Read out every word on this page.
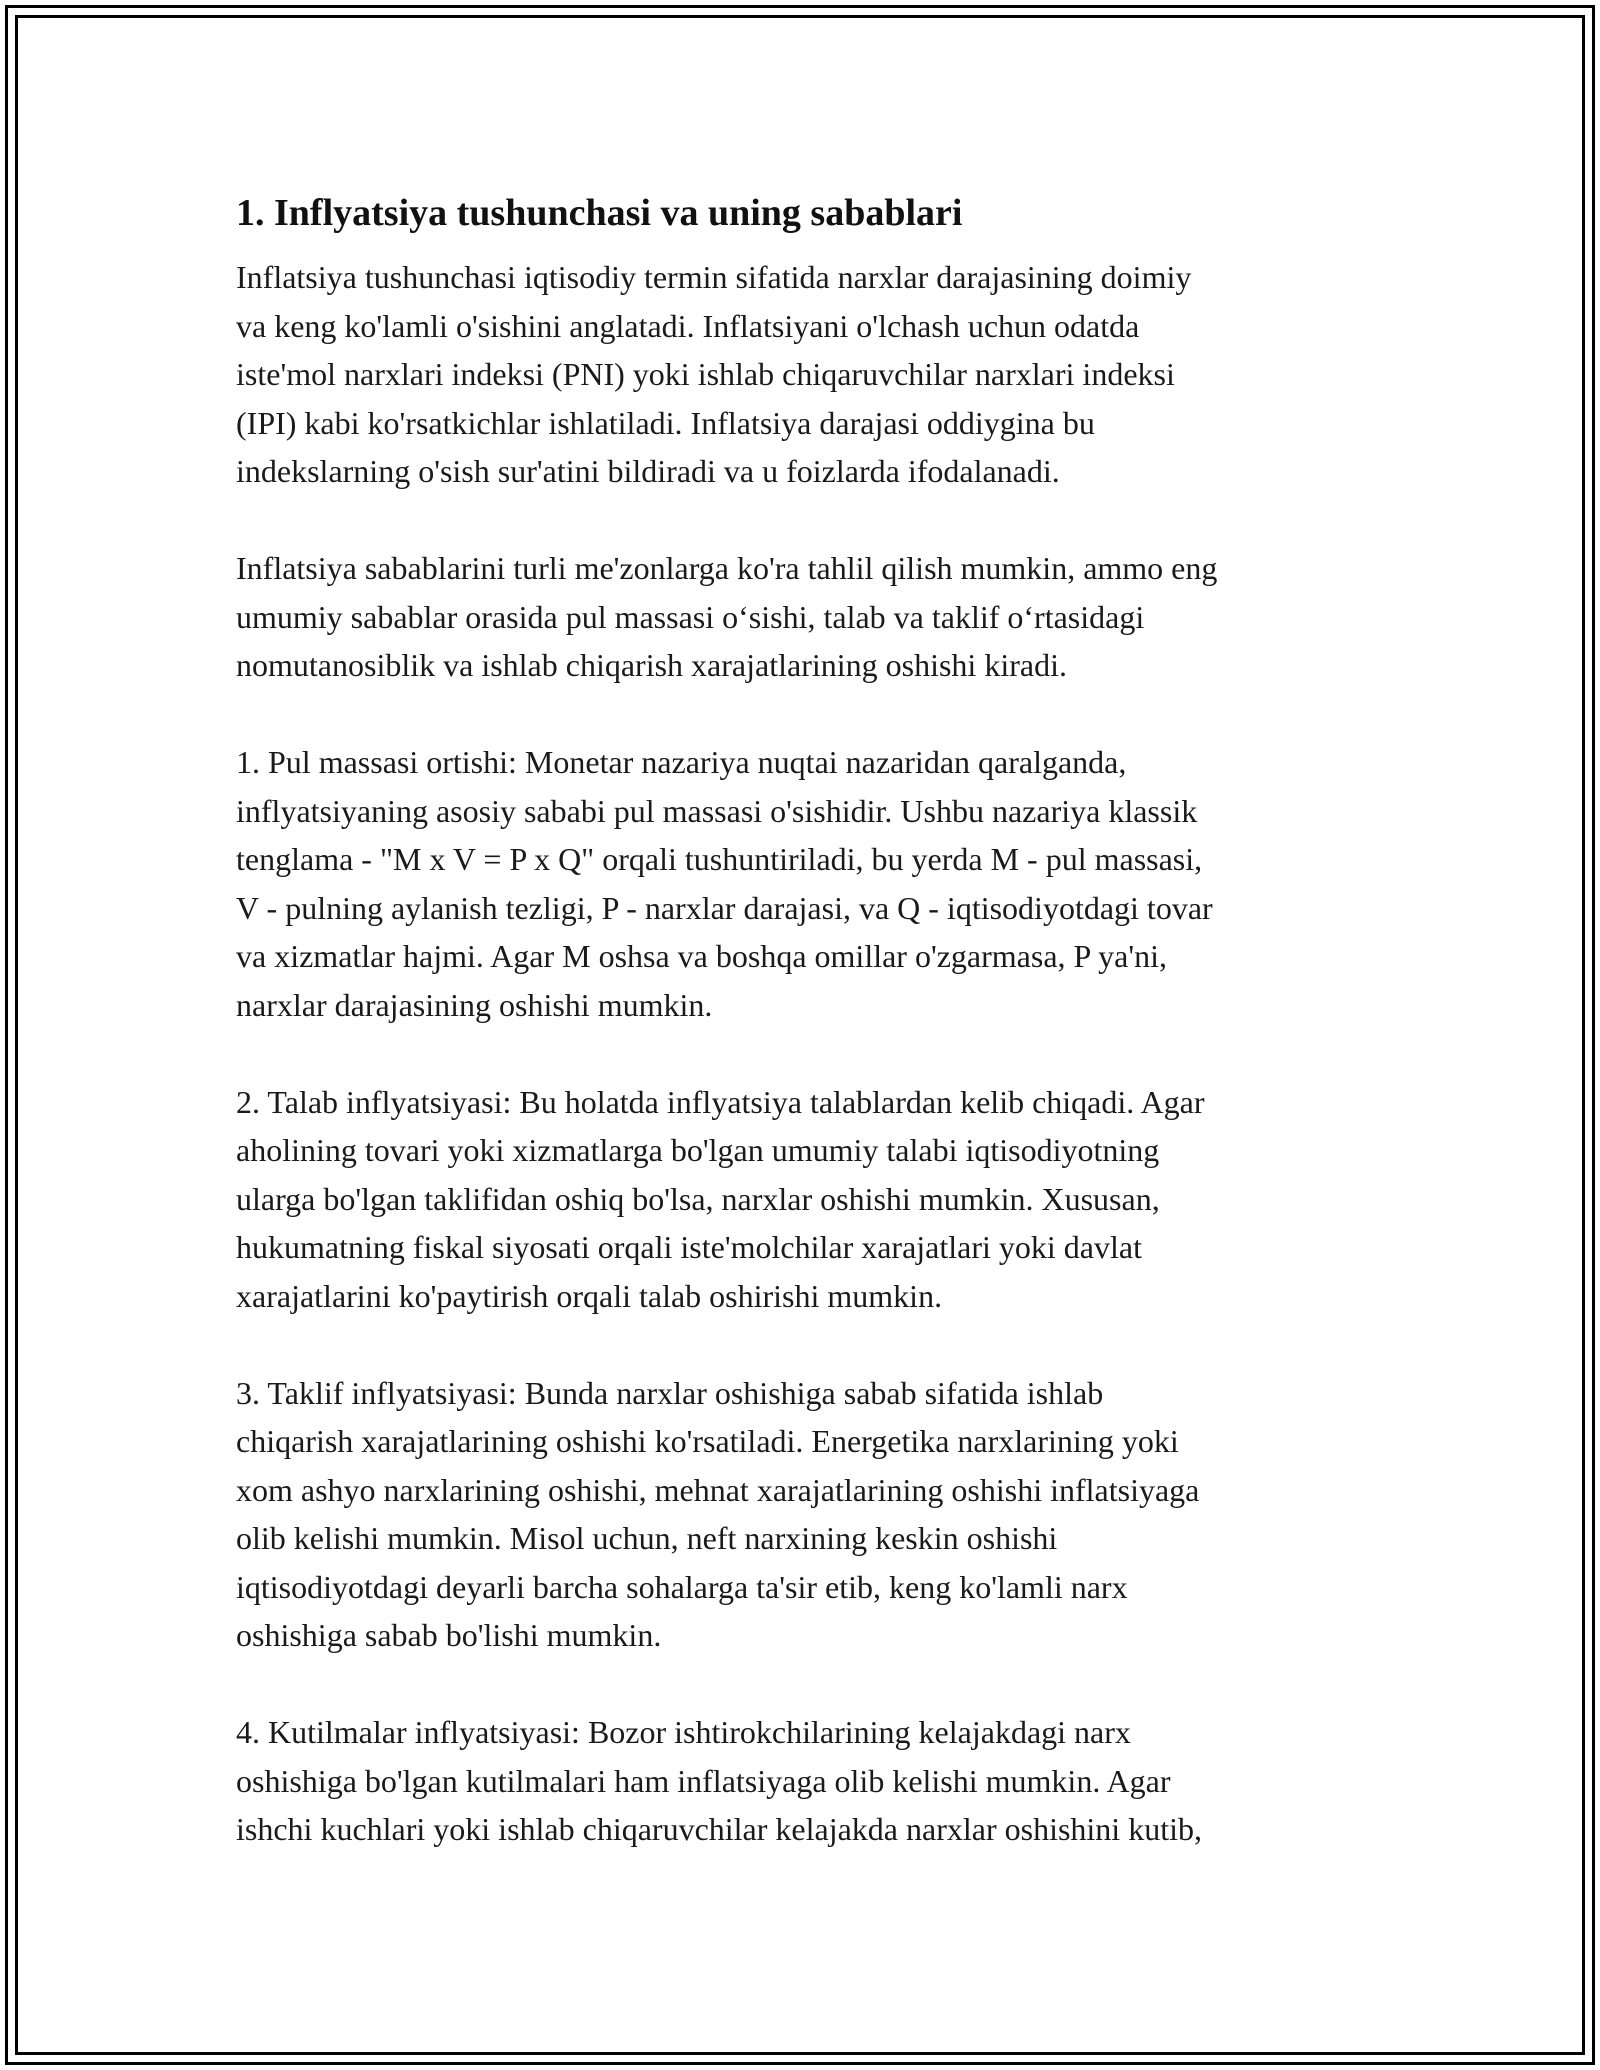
1. Inflyatsiya tushunchasi va uning sabablari

Inflatsiya tushunchasi iqtisodiy termin sifatida narxlar darajasining doimiy
va keng ko'lamli o'sishini anglatadi. Inflatsiyani o'lchash uchun odatda
iste'mol narxlari indeksi (PNI) yoki ishlab chiqaruvchilar narxlari indeksi
(IPI) kabi ko'rsatkichlar ishlatiladi. Inflatsiya darajasi oddiygina bu
indekslarning o'sish sur'atini bildiradi va u foizlarda ifodalanadi.

Inflatsiya sabablarini turli me'zonlarga ko'ra tahlil qilish mumkin, ammo eng
umumiy sabablar orasida pul massasi o‘sishi, talab va taklif o‘rtasidagi
nomutanosiblik va ishlab chiqarish xarajatlarining oshishi kiradi.

1. Pul massasi ortishi: Monetar nazariya nuqtai nazaridan qaralganda,
inflyatsiyaning asosiy sababi pul massasi o'sishidir. Ushbu nazariya klassik
tenglama - "M x V = P x Q" orqali tushuntiriladi, bu yerda M - pul massasi,
V - pulning aylanish tezligi, P - narxlar darajasi, va Q - iqtisodiyotdagi tovar
va xizmatlar hajmi. Agar M oshsa va boshqa omillar o'zgarmasa, P ya'ni,
narxlar darajasining oshishi mumkin.

2. Talab inflyatsiyasi: Bu holatda inflyatsiya talablardan kelib chiqadi. Agar
aholining tovari yoki xizmatlarga bo'lgan umumiy talabi iqtisodiyotning
ularga bo'lgan taklifidan oshiq bo'lsa, narxlar oshishi mumkin. Xususan,
hukumatning fiskal siyosati orqali iste'molchilar xarajatlari yoki davlat
xarajatlarini ko'paytirish orqali talab oshirishi mumkin.

3. Taklif inflyatsiyasi: Bunda narxlar oshishiga sabab sifatida ishlab
chiqarish xarajatlarining oshishi ko'rsatiladi. Energetika narxlarining yoki
xom ashyo narxlarining oshishi, mehnat xarajatlarining oshishi inflatsiyaga
olib kelishi mumkin. Misol uchun, neft narxining keskin oshishi
iqtisodiyotdagi deyarli barcha sohalarga ta'sir etib, keng ko'lamli narx
oshishiga sabab bo'lishi mumkin.

4. Kutilmalar inflyatsiyasi: Bozor ishtirokchilarining kelajakdagi narx
oshishiga bo'lgan kutilmalari ham inflatsiyaga olib kelishi mumkin. Agar
ishchi kuchlari yoki ishlab chiqaruvchilar kelajakda narxlar oshishini kutib,
